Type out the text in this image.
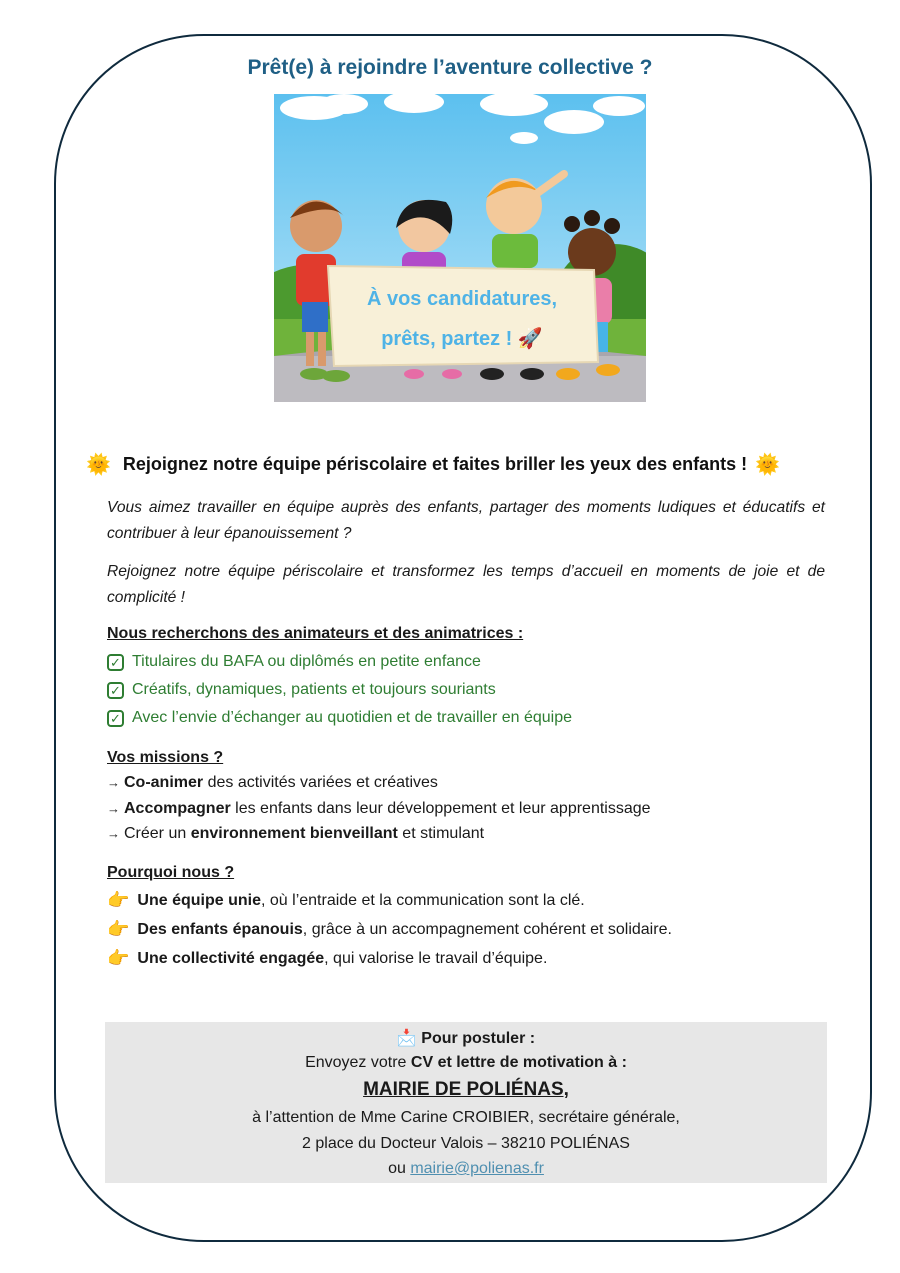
Prêt(e) à rejoindre l’aventure collective ?
À vos candidatures,
prêts, partez ! 🚀
🌞 Rejoignez notre équipe périscolaire et faites briller les yeux des enfants ! 🌞
Vous aimez travailler en équipe auprès des enfants, partager des moments ludiques et éducatifs et contribuer à leur épanouissement ?
Rejoignez notre équipe périscolaire et transformez les temps d’accueil en moments de joie et de complicité !
Nous recherchons des animateurs et des animatrices :
✓ Titulaires du BAFA ou diplômés en petite enfance
✓ Créatifs, dynamiques, patients et toujours souriants
✓ Avec l’envie d’échanger au quotidien et de travailler en équipe
Vos missions ?
→ Co-animer des activités variées et créatives
→ Accompagner les enfants dans leur développement et leur apprentissage
→ Créer un environnement bienveillant et stimulant
Pourquoi nous ?
👉 Une équipe unie, où l’entraide et la communication sont la clé.
👉 Des enfants épanouis, grâce à un accompagnement cohérent et solidaire.
👉 Une collectivité engagée, qui valorise le travail d’équipe.
📩 Pour postuler :
Envoyez votre CV et lettre de motivation à :
MAIRIE DE POLIÉNAS,
à l’attention de Mme Carine CROIBIER, secrétaire générale,
2 place du Docteur Valois – 38210 POLIÉNAS
ou mairie@polienas.fr
